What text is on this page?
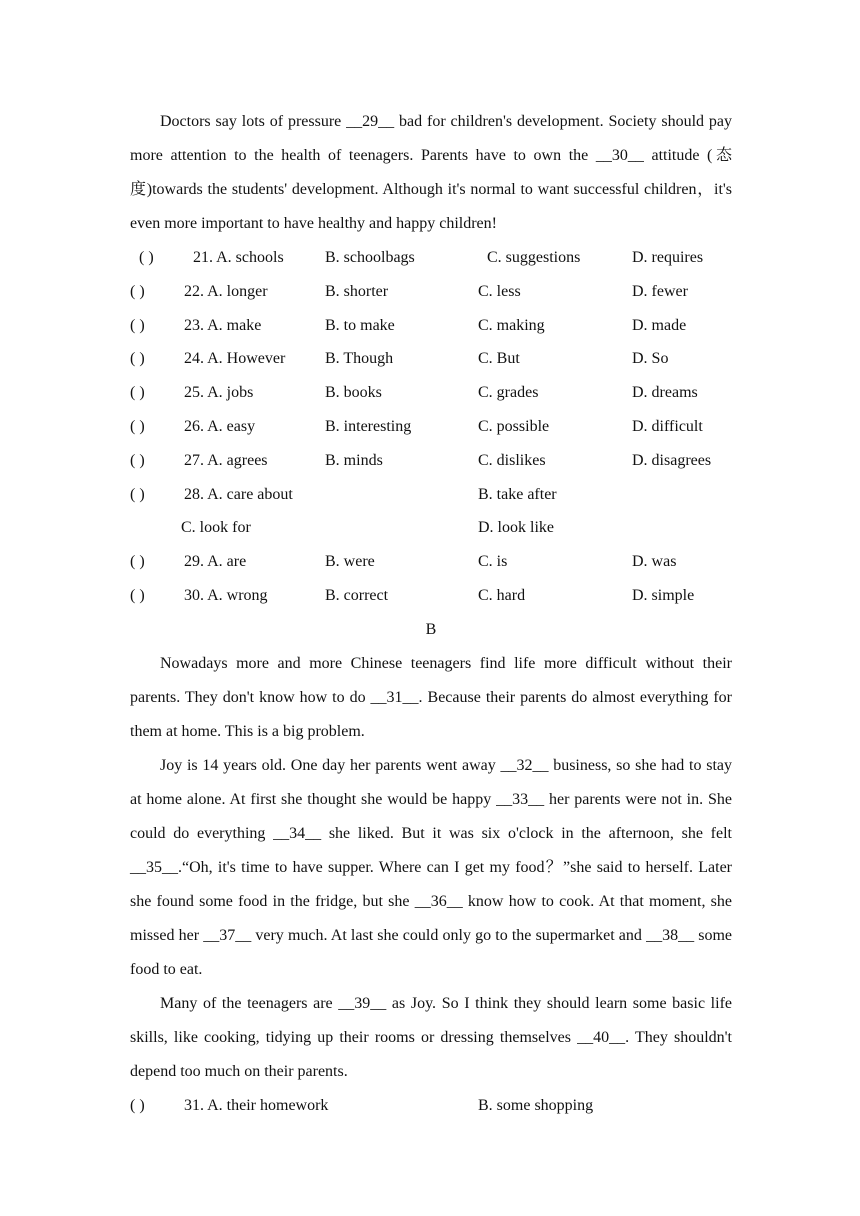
Doctors say lots of pressure __29__ bad for children's development. Society should pay more attention to the health of teenagers. Parents have to own the __30__ attitude (态度)towards the students' development. Although it's normal to want successful children，it's even more important to have healthy and happy children!

( ) 21. A. schools	B. schoolbags	C. suggestions	D. requires
( ) 22. A. longer	B. shorter	C. less	D. fewer
( ) 23. A. make	B. to make	C. making	D. made
( ) 24. A. However B. Though	C. But	D. So
( ) 25. A. jobs	B. books	C. grades	D. dreams
( ) 26. A. easy	B. interesting	C. possible	D. difficult
( ) 27. A. agrees	B. minds	C. dislikes	D. disagrees
( ) 28. A. care about	B. take after
C. look for	D. look like
( ) 29. A. are	B. were	C. is	D. was
( ) 30. A. wrong	B. correct	C. hard	D. simple
B

Nowadays more and more Chinese teenagers find life more difficult without their parents. They don't know how to do __31__. Because their parents do almost everything for them at home. This is a big problem.

Joy is 14 years old. One day her parents went away __32__ business, so she had to stay at home alone. At first she thought she would be happy __33__ her parents were not in. She could do everything __34__ she liked. But it was six o'clock in the afternoon, she felt __35__.“Oh, it's time to have supper. Where can I get my food？”she said to herself. Later she found some food in the fridge, but she __36__ know how to cook. At that moment, she missed her __37__ very much. At last she could only go to the supermarket and __38__ some food to eat.

Many of the teenagers are __39__ as Joy. So I think they should learn some basic life skills, like cooking, tidying up their rooms or dressing themselves __40__. They shouldn't depend too much on their parents.

( ) 31. A. their homework	B. some shopping
